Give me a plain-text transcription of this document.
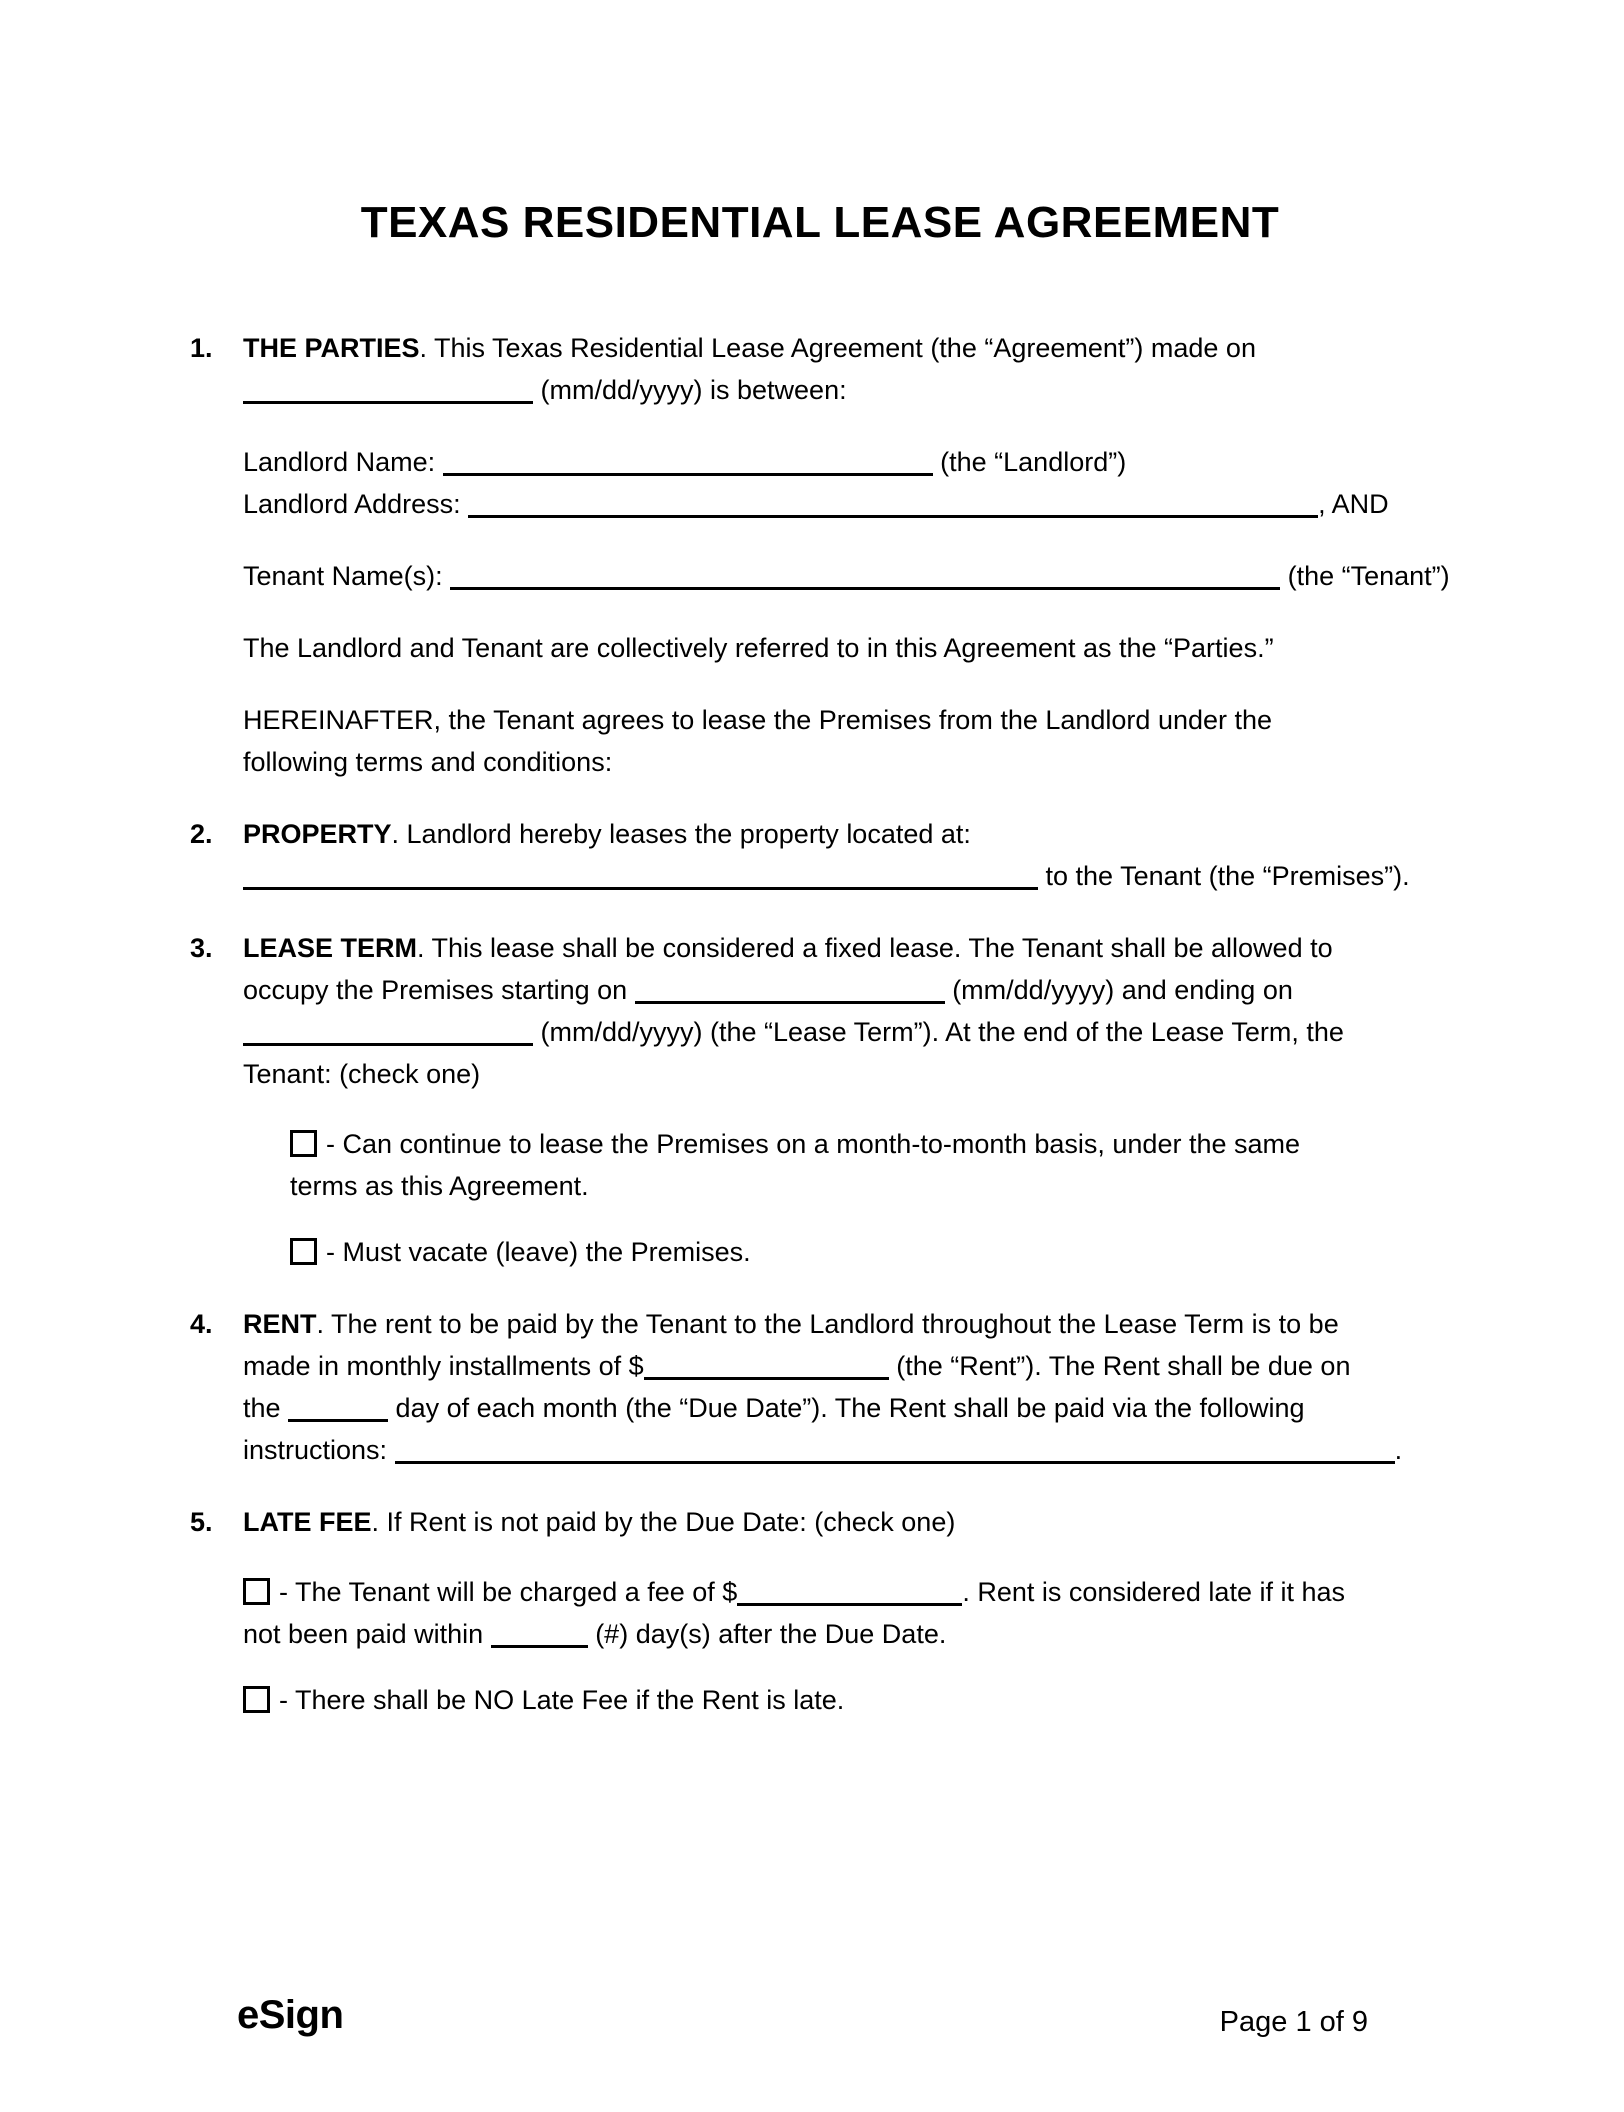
TEXAS RESIDENTIAL LEASE AGREEMENT
1.	THE PARTIES. This Texas Residential Lease Agreement (the “Agreement”) made on
(mm/dd/yyyy) is between:
Landlord Name:	(the “Landlord”)
Landlord Address:	, AND
Tenant Name(s):	(the “Tenant”)
The Landlord and Tenant are collectively referred to in this Agreement as the “Parties.”
HEREINAFTER, the Tenant agrees to lease the Premises from the Landlord under the
following terms and conditions:
2.	PROPERTY. Landlord hereby leases the property located at:
to the Tenant (the “Premises”).
3.	LEASE TERM. This lease shall be considered a fixed lease. The Tenant shall be allowed to
occupy the Premises starting on	(mm/dd/yyyy) and ending on
(mm/dd/yyyy) (the “Lease Term”). At the end of the Lease Term, the
Tenant: (check one)
- Can continue to lease the Premises on a month-to-month basis, under the same
terms as this Agreement.
- Must vacate (leave) the Premises.
4.	RENT. The rent to be paid by the Tenant to the Landlord throughout the Lease Term is to be
made in monthly installments of $	(the “Rent”). The Rent shall be due on
the	day of each month (the “Due Date”). The Rent shall be paid via the following
instructions:	.
5.	LATE FEE. If Rent is not paid by the Due Date: (check one)
- The Tenant will be charged a fee of $	. Rent is considered late if it has
not been paid within	(#) day(s) after the Due Date.
- There shall be NO Late Fee if the Rent is late.
eSign	Page 1 of 9
